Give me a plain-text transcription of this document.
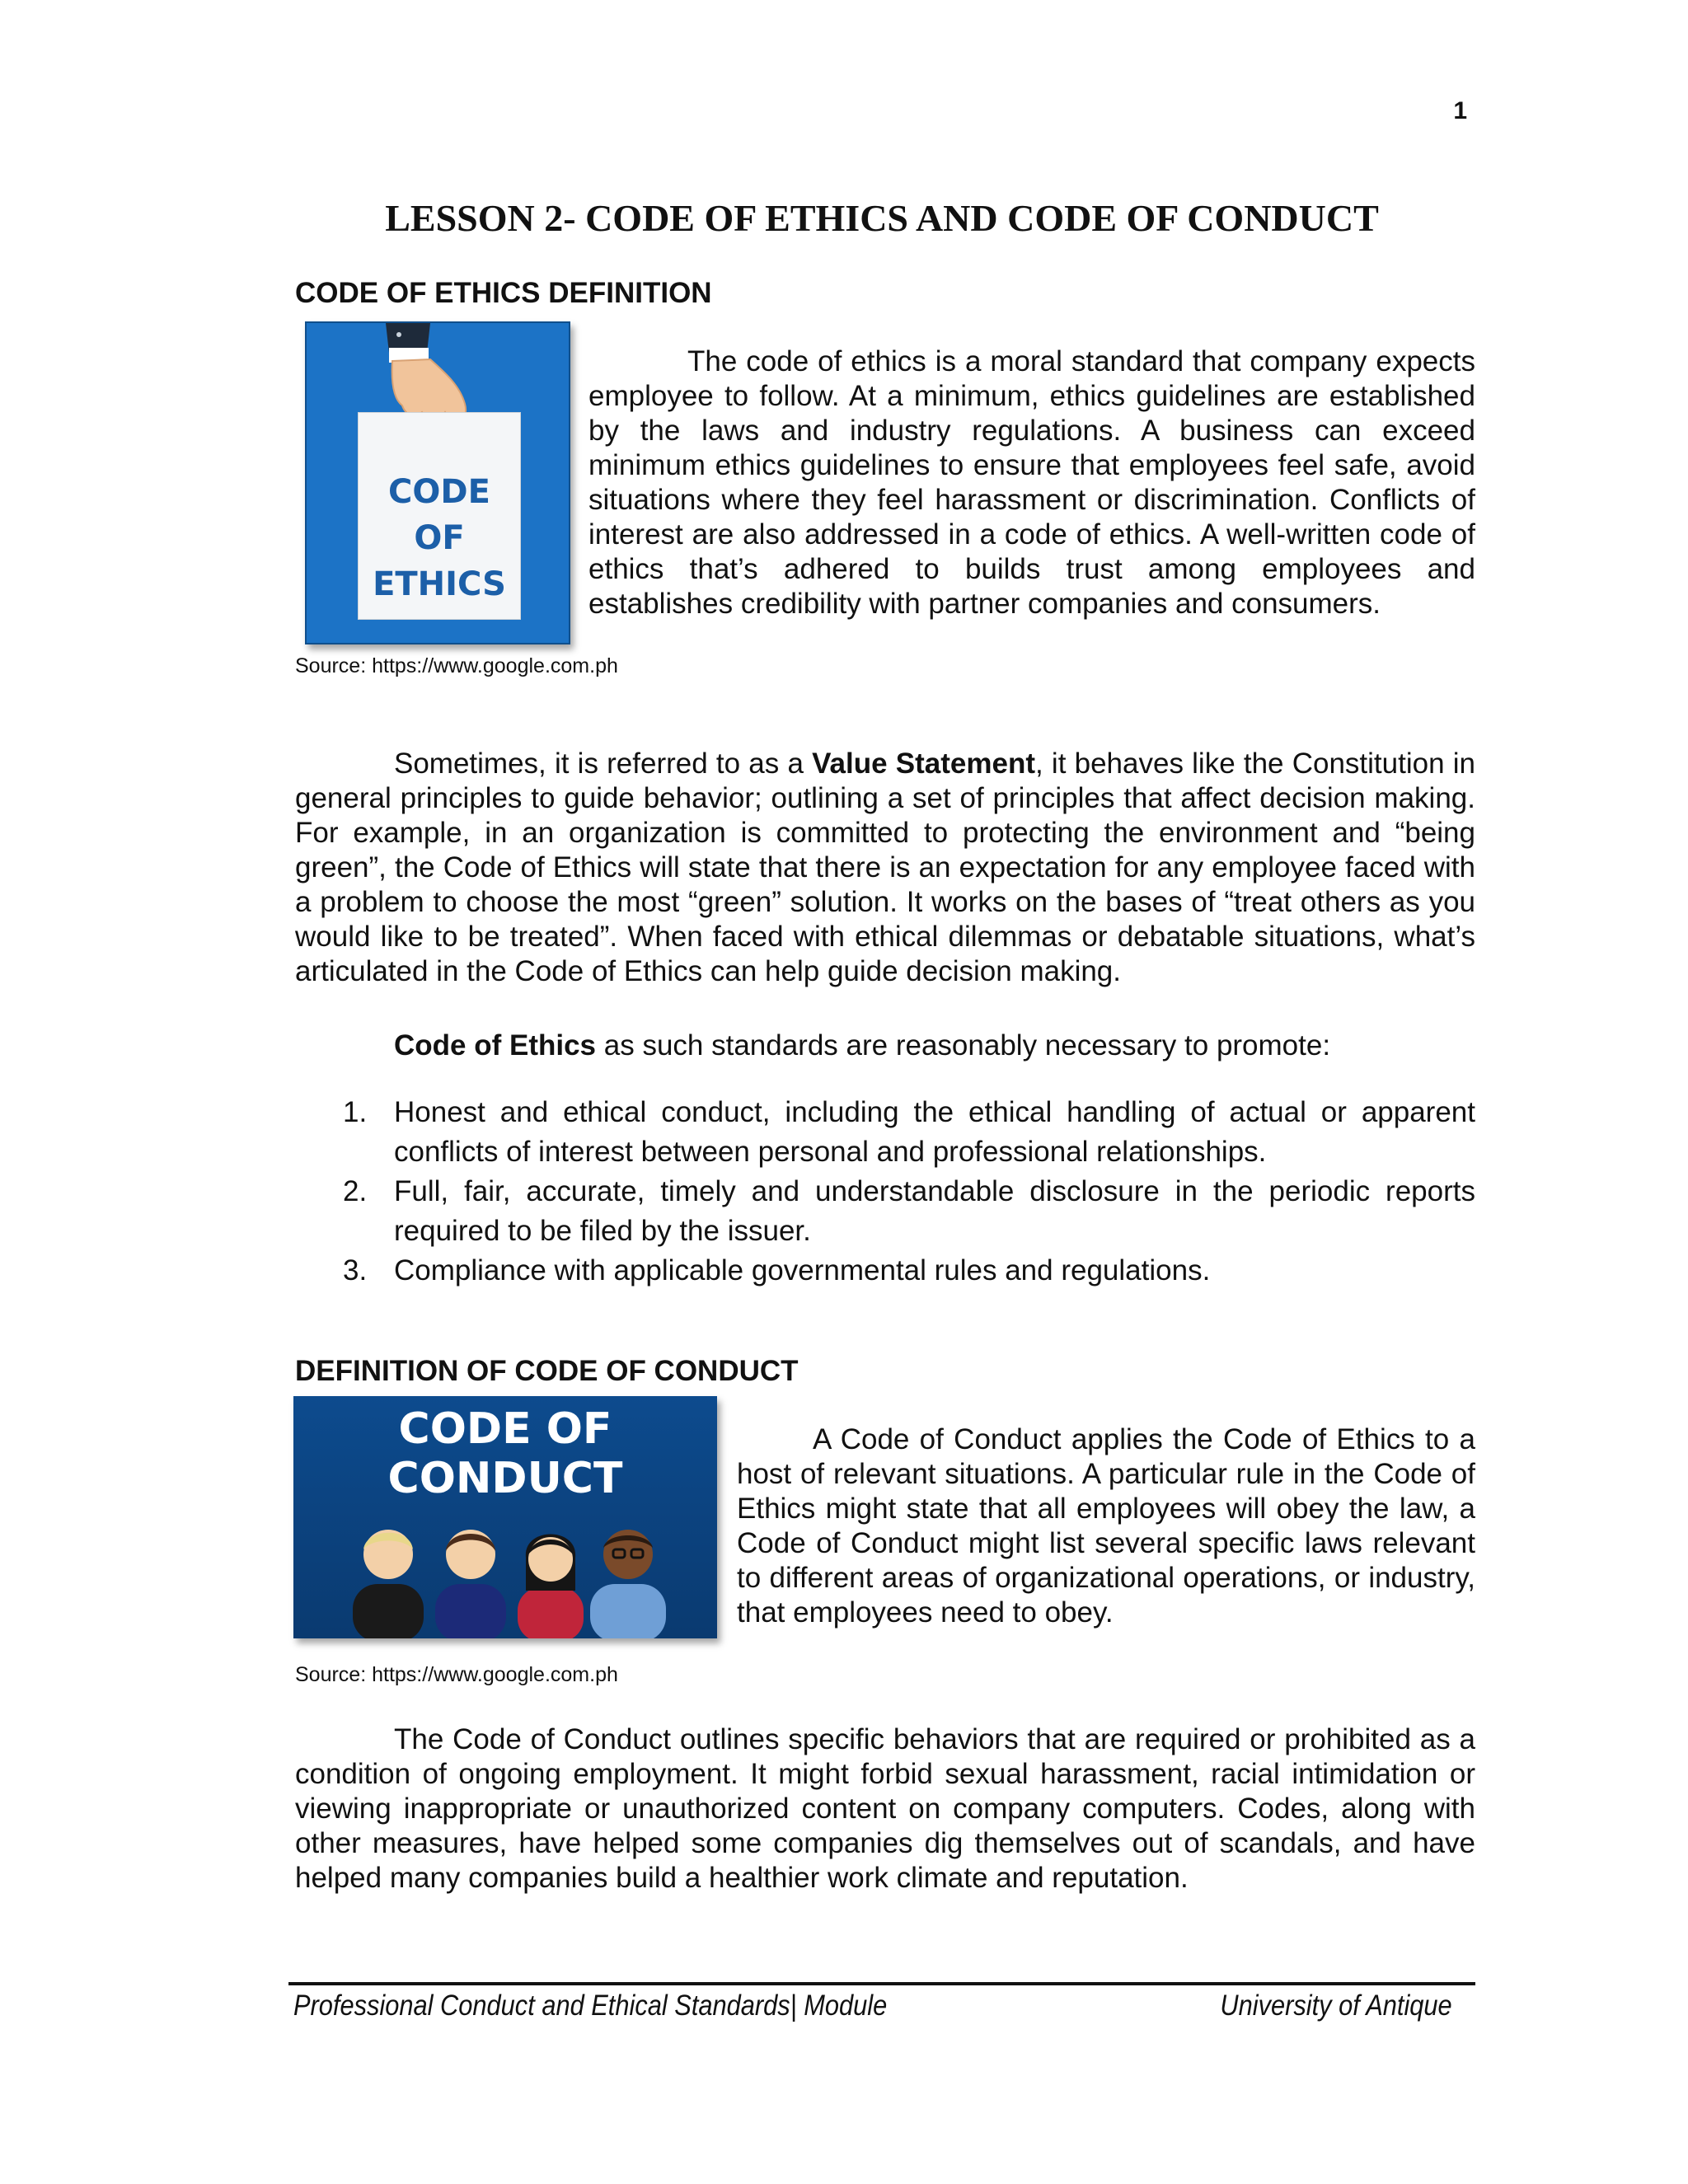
1
LESSON 2- CODE OF ETHICS AND CODE OF CONDUCT
CODE OF ETHICS DEFINITION
CODE OF ETHICS

The code of ethics is a moral standard that company expects employee to follow. At a minimum, ethics guidelines are established by the laws and industry regulations. A business can exceed minimum ethics guidelines to ensure that employees feel safe, avoid situations where they feel harassment or discrimination. Conflicts of interest are also addressed in a code of ethics. A well-written code of ethics that’s adhered to builds trust among employees and establishes credibility with partner companies and consumers.

Source: https://www.google.com.ph

Sometimes, it is referred to as a Value Statement, it behaves like the Constitution in general principles to guide behavior; outlining a set of principles that affect decision making. For example, in an organization is committed to protecting the environment and “being green”, the Code of Ethics will state that there is an expectation for any employee faced with a problem to choose the most “green” solution. It works on the bases of “treat others as you would like to be treated”. When faced with ethical dilemmas or debatable situations, what’s articulated in the Code of Ethics can help guide decision making.

Code of Ethics as such standards are reasonably necessary to promote:

1. Honest and ethical conduct, including the ethical handling of actual or apparent conflicts of interest between personal and professional relationships.
2. Full, fair, accurate, timely and understandable disclosure in the periodic reports required to be filed by the issuer.
3. Compliance with applicable governmental rules and regulations.
DEFINITION OF CODE OF CONDUCT
CODE OF CONDUCT

A Code of Conduct applies the Code of Ethics to a host of relevant situations. A particular rule in the Code of Ethics might state that all employees will obey the law, a Code of Conduct might list several specific laws relevant to different areas of organizational operations, or industry, that employees need to obey.

Source: https://www.google.com.ph

The Code of Conduct outlines specific behaviors that are required or prohibited as a condition of ongoing employment. It might forbid sexual harassment, racial intimidation or viewing inappropriate or unauthorized content on company computers. Codes, along with other measures, have helped some companies dig themselves out of scandals, and have helped many companies build a healthier work climate and reputation.

Professional Conduct and Ethical Standards| Module	University of Antique
